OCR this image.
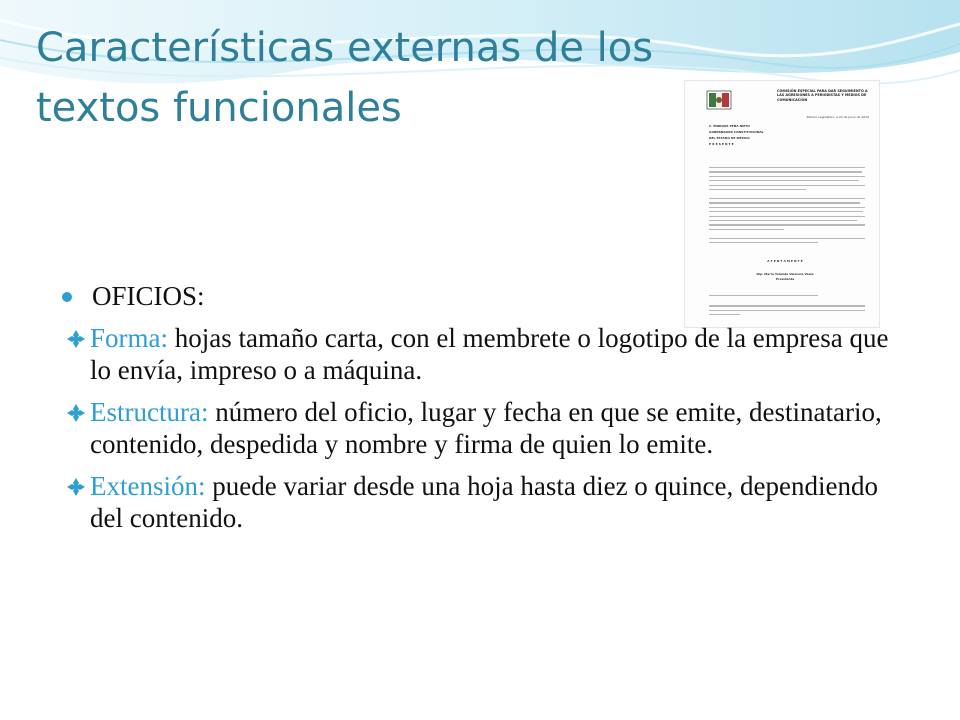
Características externas de los
textos funcionales	COMISIÓN ESPECIAL PARA DAR SEGUIMIENTO A LAS AGRESIONES A PERIODISTAS Y MEDIOS DE COMUNICACIÓN
Palacio Legislativo, a 24 de Junio de 2010
C. ENRIQUE PEÑA NIETO
GOBERNADOR CONSTITUCIONAL
DEL ESTADO DE MÉXICO
P R E S E N T E
A T E N T A M E N T E
Dip. María Yolanda Valencia Vales
Presidenta
OFICIOS:
Forma: hojas tamaño carta, con el membrete o logotipo de la empresa que lo envía, impreso o a máquina.
Estructura: número del oficio, lugar y fecha en que se emite, destinatario, contenido, despedida y nombre y firma de quien lo emite.
Extensión: puede variar desde una hoja hasta diez o quince, dependiendo del contenido.
